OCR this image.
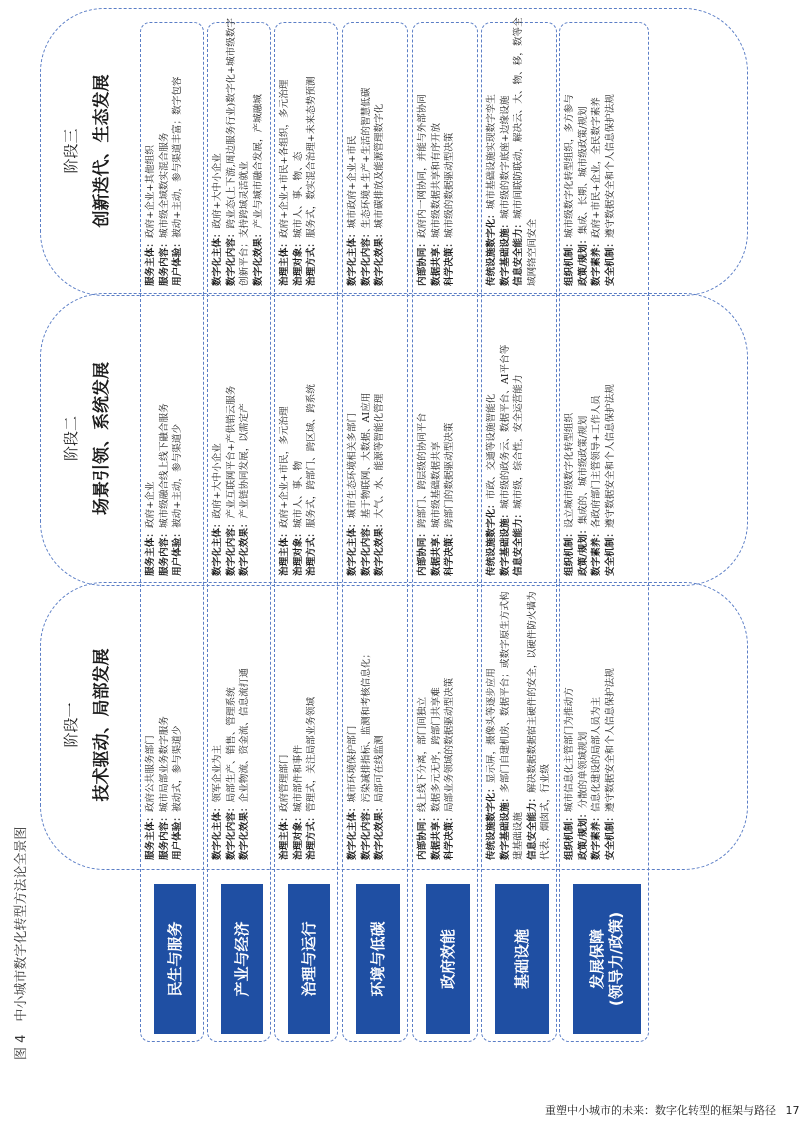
图 4　中小城市数字化转型方法论全景图
阶段一 技术驱动、局部发展
阶段二 场景引领、系统发展
阶段三 创新迭代、生态发展
民生与服务
服务主体：政府公共服务部门
服务内容：城市局部业务数字服务
用户体验：被动式，参与渠道少
服务主体：政府+企业
服务内容：城市级融合线上线下融合服务
用户体验：被动+主动，参与渠道少
服务主体：政府+企业+其他组织
服务内容：城市级全域数实混合服务
用户体验：被动+主动，参与渠道丰富；数字包容
产业与经济
数字化主体：领军企业为主
数字化内容：局部生产、销售、管理系统
数字化效果：企业物流、资金流、信息流打通
数字化主体：政府+大中小企业
数字化内容：产业互联网平台+产供销云服务
数字化效果：产业链协同发展，以需定产
数字化主体：政府+大中小企业
数字化内容：跨业态(上下游,周边服务行业)数字化+城市级数字创新平台；支持跨域灵活就业 数字化效果：产业与城市融合发展，产城融城
治理与运行
治理主体：政府管理部门
治理对象：城市部件和事件
治理方式：管理式，关注局部业务领域
治理主体：政府+企业+市民，多元治理
治理对象：城市人、事、物
治理方式：服务式，跨部门、跨区域、跨系统
治理主体：政府+企业+市民+各组织，多元治理
治理对象：城市人、事、物、态
治理方式：服务式，数实混合治理+未来态势预测
环境与低碳
数字化主体：城市环境保护部门
数字化内容：污染减排指标、监测和考核信息化；
数字化效果：局部可在线监测
数字化主体：城市生态环境相关多部门
数字化内容：基于物联网、大数据、AI应用
数字化效果：大气、水、能源等智能化管理
数字化主体：城市政府+企业+市民
数字化内容：生态环境+生产+生活的智慧低碳
数字化效果：城市碳排放及能源管理数字化
政府效能
内部协同：线上线下分离，部门间独立
数据共享：数据多元无序，跨部门共享难
科学决策：局部业务领域的数据驱动型决策
内部协同：跨部门、跨层级的协同平台
数据共享：城市级基础数据共享
科学决策：跨部门的数据驱动型决策
内部协同：政府内一网协同，并能与外部协同
数据共享：城市级数据共享和有序开放
科学决策：城市级的数据驱动型决策
基础设施
传统设施数字化：显示屏，摄像头等逐步应用
数字基础设施：多部门自建机房、数据平台；或数字原生方式构建基础设施 信息安全能力：解决数据数据宿主硬件的安全，以硬件防火墙为代表，烟囱式，行业级
传统设施数字化：市政、交通等设施智能化
数字基础设施：城市级的政务云、数据平台、AI平台等
信息安全能力：城市级，综合性，安全运营能力
传统设施数字化：城市基础设施实现数字孪生
数字基础设施：城市级的数字底座+边缘设施
信息安全能力：城市间联防联动，解决云、大、物、移，数等全域网络空间安全
发展保障
(领导力/政策)
组织机制：城市信息化主管部门为推动方
政策/规划：分散的单领域规划
数字素养：信息化建设的局部人员为主
安全机制：遵守数据安全和个人信息保护法规
组织机制：设立城市级数字化转型组织
政策/规划：集成的、城市级政策/规划
数字素养：各政府部门主管领导+工作人员
安全机制：遵守数据安全和个人信息保护法规
组织机制：城市级数字化转型组织，多方参与
政策/规划：集成、长期、城市级政策/规划
数字素养：政府+市民+企业，全民数字素养
安全机制：遵守数据安全和个人信息保护法规
重塑中小城市的未来：数字化转型的框架与路径 17
